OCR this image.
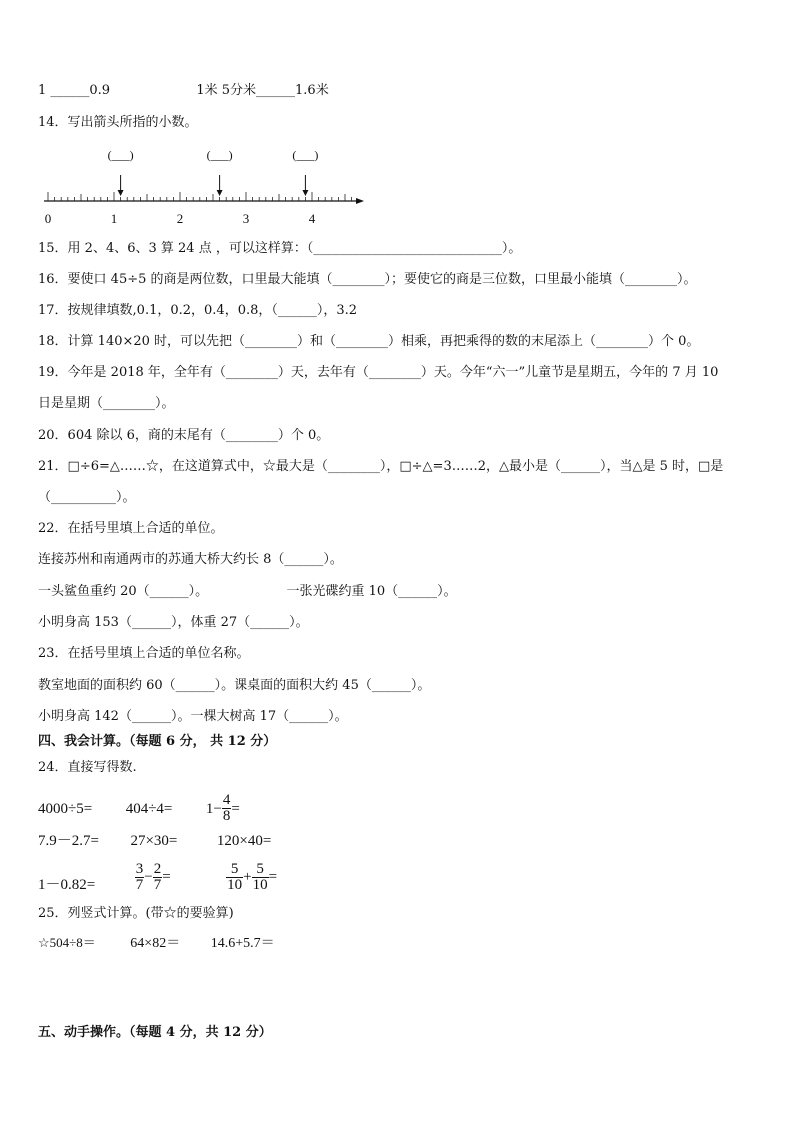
1 ______0.9	1米 5分米______1.6米
14．写出箭头所指的小数。
0	1	2	3	4
(___)	(___)	(___)
15．用 2、4、6、3 算 24 点 ，可以这样算：（_____________________________）。
16．要使口 45÷5 的商是两位数，口里最大能填（________）；要使它的商是三位数，口里最小能填（________）。
17．按规律填数,0.1，0.2，0.4，0.8，（______），3.2
18．计算 140×20 时，可以先把（________）和（________）相乘，再把乘得的数的末尾添上（________）个 0。
19．今年是 2018 年，全年有（________）天，去年有（________）天。今年“六一”儿童节是星期五，今年的 7 月 10
日是星期（________）。
20．604 除以 6，商的末尾有（________）个 0。
21．□÷6=△……☆，在这道算式中，☆最大是（________），□÷△=3……2，△最小是（______），当△是 5 时，□是
（__________）。
22．在括号里填上合适的单位。
连接苏州和南通两市的苏通大桥大约长 8（______）。
一头鲨鱼重约 20（______）。	一张光碟约重 10（______）。
小明身高 153（______），体重 27（______）。
23．在括号里填上合适的单位名称。
教室地面的面积约 60（______）。课桌面的面积大约 45（______）。
小明身高 142（______）。一棵大树高 17（______）。
四、我会计算。（每题 6 分， 共 12 分）
24．直接写得数.
$4000\div 5= 404\div 4= 1- \frac{4}{8}$ =
7.9－2.7= 27×30=	120×40=
1－0.82=	$\frac{3}{7} - \frac{2}{7}$ =	$\frac{5}{10} + \frac{5}{10}$ =
25．列竖式计算。(带☆的要验算)
☆504÷8＝ 64×82＝ 14.6+5.7＝
五、动手操作。（每题 4 分，共 12 分）
